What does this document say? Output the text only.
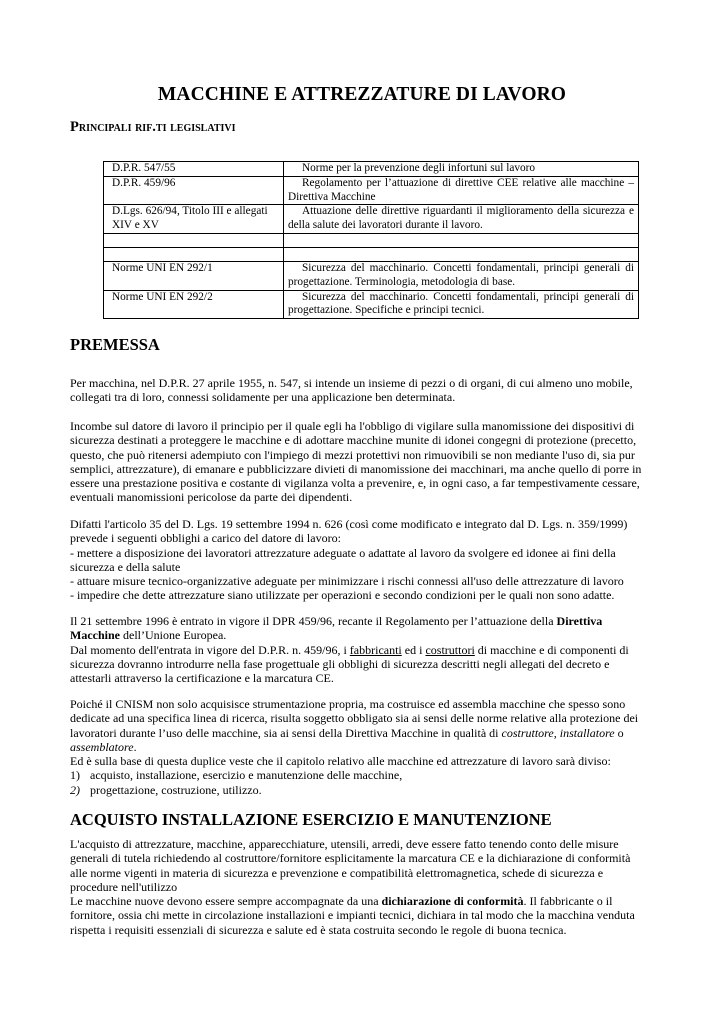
MACCHINE E ATTREZZATURE DI LAVORO
Principali rif.ti legislativi
D.P.R. 547/55	Norme per la prevenzione degli infortuni sul lavoro
D.P.R. 459/96	Regolamento per l’attuazione di direttive CEE relative alle macchine – Direttiva Macchine
D.Lgs. 626/94, Titolo III e allegati XIV e XV	Attuazione delle direttive riguardanti il miglioramento della sicurezza e della salute dei lavoratori durante il lavoro.

Norme UNI EN 292/1	Sicurezza del macchinario. Concetti fondamentali, principi generali di progettazione. Terminologia, metodologia di base.
Norme UNI EN 292/2	Sicurezza del macchinario. Concetti fondamentali, principi generali di progettazione. Specifiche e principi tecnici.
PREMESSA
Per macchina, nel D.P.R. 27 aprile 1955, n. 547, si intende un insieme di pezzi o di organi, di cui almeno uno mobile, collegati tra di loro, connessi solidamente per una applicazione ben determinata.
Incombe sul datore di lavoro il principio per il quale egli ha l'obbligo di vigilare sulla manomissione dei dispositivi di sicurezza destinati a proteggere le macchine e di adottare macchine munite di idonei congegni di protezione (precetto, questo, che può ritenersi adempiuto con l'impiego di mezzi protettivi non rimuovibili se non mediante l'uso di, sia pur semplici, attrezzature), di emanare e pubblicizzare divieti di manomissione dei macchinari, ma anche quello di porre in essere una prestazione positiva e costante di vigilanza volta a prevenire, e, in ogni caso, a far tempestivamente cessare, eventuali manomissioni pericolose da parte dei dipendenti.
Difatti l'articolo 35 del D. Lgs. 19 settembre 1994 n. 626 (così come modificato e integrato dal D. Lgs. n. 359/1999) prevede i seguenti obblighi a carico del datore di lavoro:
- mettere a disposizione dei lavoratori attrezzature adeguate o adattate al lavoro da svolgere ed idonee ai fini della sicurezza e della salute
- attuare misure tecnico-organizzative adeguate per minimizzare i rischi connessi all'uso delle attrezzature di lavoro
- impedire che dette attrezzature siano utilizzate per operazioni e secondo condizioni per le quali non sono adatte.
Il 21 settembre 1996 è entrato in vigore il DPR 459/96, recante il Regolamento per l’attuazione della Direttiva Macchine dell’Unione Europea.
Dal momento dell'entrata in vigore del D.P.R. n. 459/96, i fabbricanti ed i costruttori di macchine e di componenti di sicurezza dovranno introdurre nella fase progettuale gli obblighi di sicurezza descritti negli allegati del decreto e attestarli attraverso la certificazione e la marcatura CE.
Poiché il CNISM non solo acquisisce strumentazione propria, ma costruisce ed assembla macchine che spesso sono dedicate ad una specifica linea di ricerca, risulta soggetto obbligato sia ai sensi delle norme relative alla protezione dei lavoratori durante l’uso delle macchine, sia ai sensi della Direttiva Macchine in qualità di costruttore, installatore o assemblatore.
Ed è sulla base di questa duplice veste che il capitolo relativo alle macchine ed attrezzature di lavoro sarà diviso:
1) acquisto, installazione, esercizio e manutenzione delle macchine,
2) progettazione, costruzione, utilizzo.
ACQUISTO INSTALLAZIONE ESERCIZIO E MANUTENZIONE
L'acquisto di attrezzature, macchine, apparecchiature, utensili, arredi, deve essere fatto tenendo conto delle misure generali di tutela richiedendo al costruttore/fornitore esplicitamente la marcatura CE e la dichiarazione di conformità alle norme vigenti in materia di sicurezza e prevenzione e compatibilità elettromagnetica, schede di sicurezza e procedure nell'utilizzo
Le macchine nuove devono essere sempre accompagnate da una dichiarazione di conformità. Il fabbricante o il fornitore, ossia chi mette in circolazione installazioni e impianti tecnici, dichiara in tal modo che la macchina venduta rispetta i requisiti essenziali di sicurezza e salute ed è stata costruita secondo le regole di buona tecnica.
